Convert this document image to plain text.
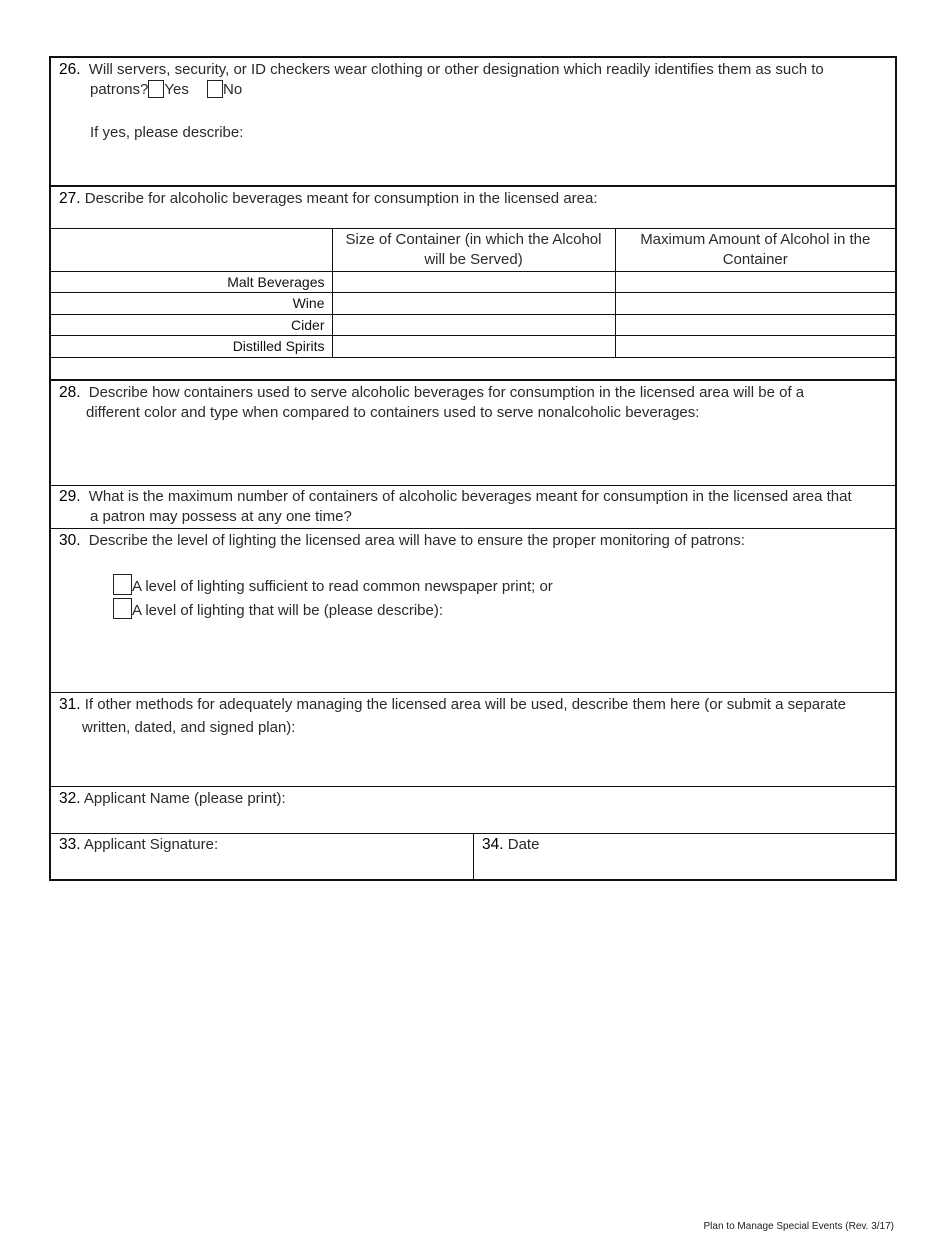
26. Will servers, security, or ID checkers wear clothing or other designation which readily identifies them as such to
patrons? Yes No
If yes, please describe:
27. Describe for alcoholic beverages meant for consumption in the licensed area:
	Size of Container (in which the Alcohol will be Served)	Maximum Amount of Alcohol in the Container
Malt Beverages		
Wine		
Cider		
Distilled Spirits		
28. Describe how containers used to serve alcoholic beverages for consumption in the licensed area will be of a
different color and type when compared to containers used to serve nonalcoholic beverages:
29. What is the maximum number of containers of alcoholic beverages meant for consumption in the licensed area that
a patron may possess at any one time?
30. Describe the level of lighting the licensed area will have to ensure the proper monitoring of patrons:
A level of lighting sufficient to read common newspaper print; or
A level of lighting that will be (please describe):
31. If other methods for adequately managing the licensed area will be used, describe them here (or submit a separate
written, dated, and signed plan):
32. Applicant Name (please print):
33. Applicant Signature:	34. Date
Plan to Manage Special Events (Rev. 3/17)
